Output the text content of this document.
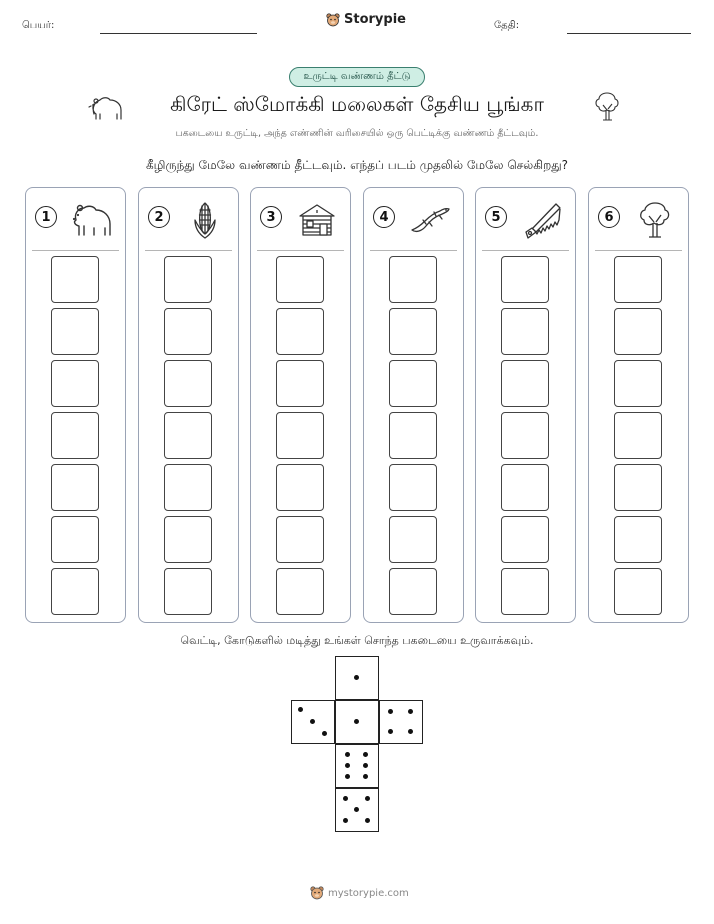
பெயர்:	Storypie	தேதி:
உருட்டி வண்ணம் தீட்டு
கிரேட் ஸ்மோக்கி மலைகள் தேசிய பூங்கா
பகடையை உருட்டி, அந்த எண்ணின் வரிசையில் ஒரு பெட்டிக்கு வண்ணம் தீட்டவும்.
கீழிருந்து மேலே வண்ணம் தீட்டவும். எந்தப் படம் முதலில் மேலே செல்கிறது?
1	2	3	4	5	6
வெட்டி, கோடுகளில் மடித்து உங்கள் சொந்த பகடையை உருவாக்கவும்.
mystorypie.com
